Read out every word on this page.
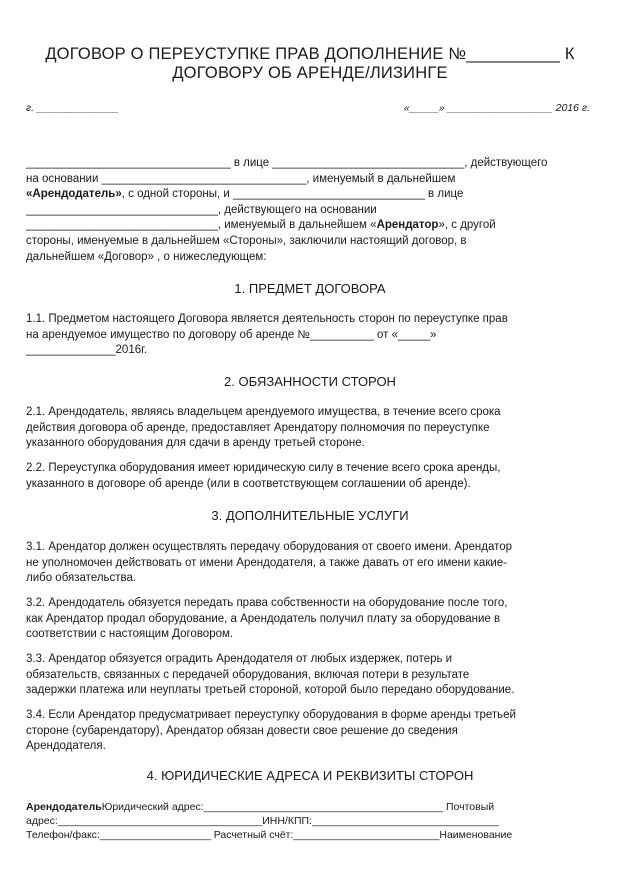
ДОГОВОР О ПЕРЕУСТУПКЕ ПРАВ ДОПОЛНЕНИЕ №__________ К ДОГОВОРУ ОБ АРЕНДЕ/ЛИЗИНГЕ
г. ______________	«_____» __________________ 2016 г.
________________________________ в лице ______________________________, действующего
на основании ________________________________, именуемый в дальнейшем
«Арендодатель», с одной стороны, и ______________________________ в лице
______________________________, действующего на основании
______________________________, именуемый в дальнейшем «Арендатор», с другой
стороны, именуемые в дальнейшем «Стороны», заключили настоящий договор, в
дальнейшем «Договор» , о нижеследующем:
1. ПРЕДМЕТ ДОГОВОРА
1.1. Предметом настоящего Договора является деятельность сторон по переуступке прав
на арендуемое имущество по договору об аренде №__________ от «_____»
______________2016г.
2. ОБЯЗАННОСТИ СТОРОН
2.1. Арендодатель, являясь владельцем арендуемого имущества, в течение всего срока
действия договора об аренде, предоставляет Арендатору полномочия по переуступке
указанного оборудования для сдачи в аренду третьей стороне.
2.2. Переуступка оборудования имеет юридическую силу в течение всего срока аренды,
указанного в договоре об аренде (или в соответствующем соглашении об аренде).
3. ДОПОЛНИТЕЛЬНЫЕ УСЛУГИ
3.1. Арендатор должен осуществлять передачу оборудования от своего имени. Арендатор
не уполномочен действовать от имени Арендодателя, а также давать от его имени какие-
либо обязательства.
3.2. Арендодатель обязуется передать права собственности на оборудование после того,
как Арендатор продал оборудование, а Арендодатель получил плату за оборудование в
соответствии с настоящим Договором.
3.3. Арендатор обязуется оградить Арендодателя от любых издержек, потерь и
обязательств, связанных с передачей оборудования, включая потери в результате
задержки платежа или неуплаты третьей стороной, которой было передано оборудование.
3.4. Если Арендатор предусматривает переуступку оборудования в форме аренды третьей
стороне (субарендатору), Арендатор обязан довести свое решение до сведения
Арендодателя.
4. ЮРИДИЧЕСКИЕ АДРЕСА И РЕКВИЗИТЫ СТОРОН
АрендодательЮридический адрес:_________________________________________ Почтовый
адрес:___________________________________ИНН/КПП:________________________________
Телефон/факс:___________________ Расчетный счёт:_________________________Наименование
